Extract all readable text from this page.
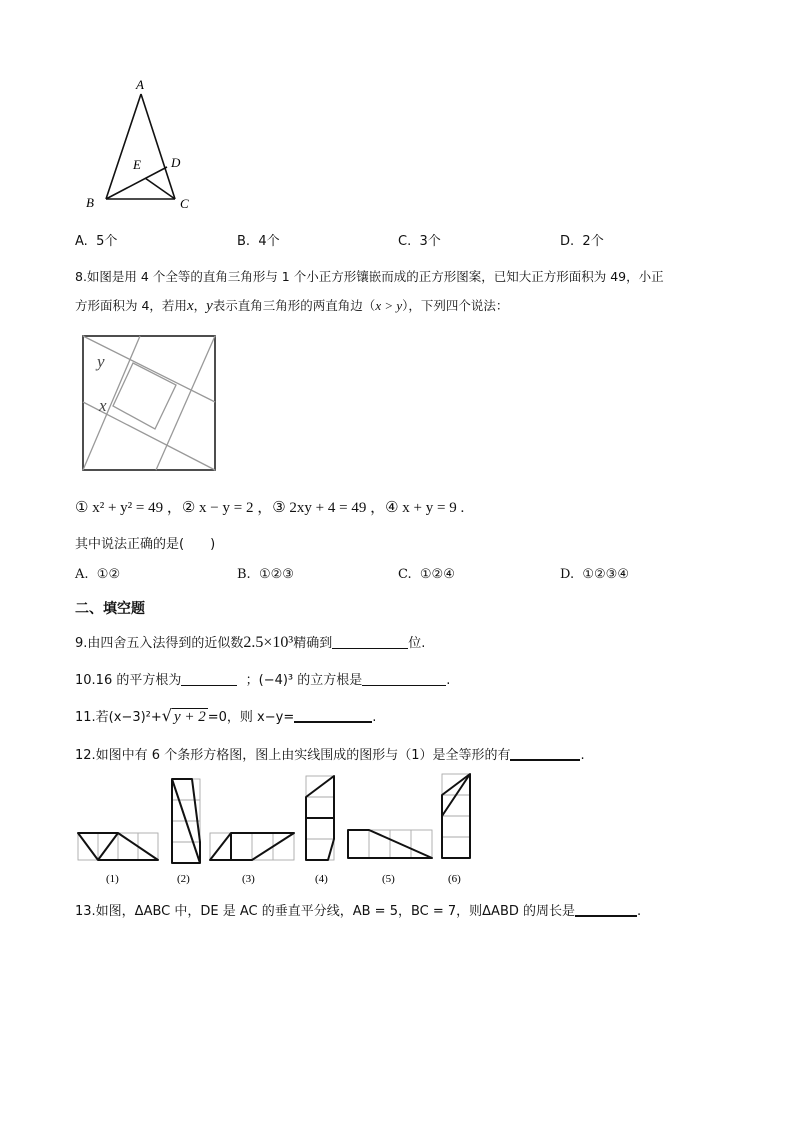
A
B	C
D
E
A. 5个	B. 4个	C. 3个	D. 2个
8.如图是用 4 个全等的直角三角形与 1 个小正方形镶嵌而成的正方形图案，已知大正方形面积为 49，小正
方形面积为 4，若用x，y表示直角三角形的两直角边（x > y），下列四个说法：
y
x
① x² + y² = 49 ，② x − y = 2 ，③ 2xy + 4 = 49 ，④ x + y = 9 .
其中说法正确的是(　　)
A. ①②	B. ①②③	C. ①②④	D. ①②③④
二、填空题
9.由四舍五入法得到的近似数2.5×10³精确到	位.
10.16 的平方根为	；(−4)³ 的立方根是	.
11.若(x−3)²+√ y + 2 =0，则 x−y=	.
12.如图中有 6 个条形方格图，图上由实线围成的图形与（1）是全等形的有	.
(1)	(2)	(3)	(4)	(5)	(6)
13.如图，ΔABC 中，DE 是 AC 的垂直平分线，AB = 5，BC = 7，则ΔABD 的周长是	.
